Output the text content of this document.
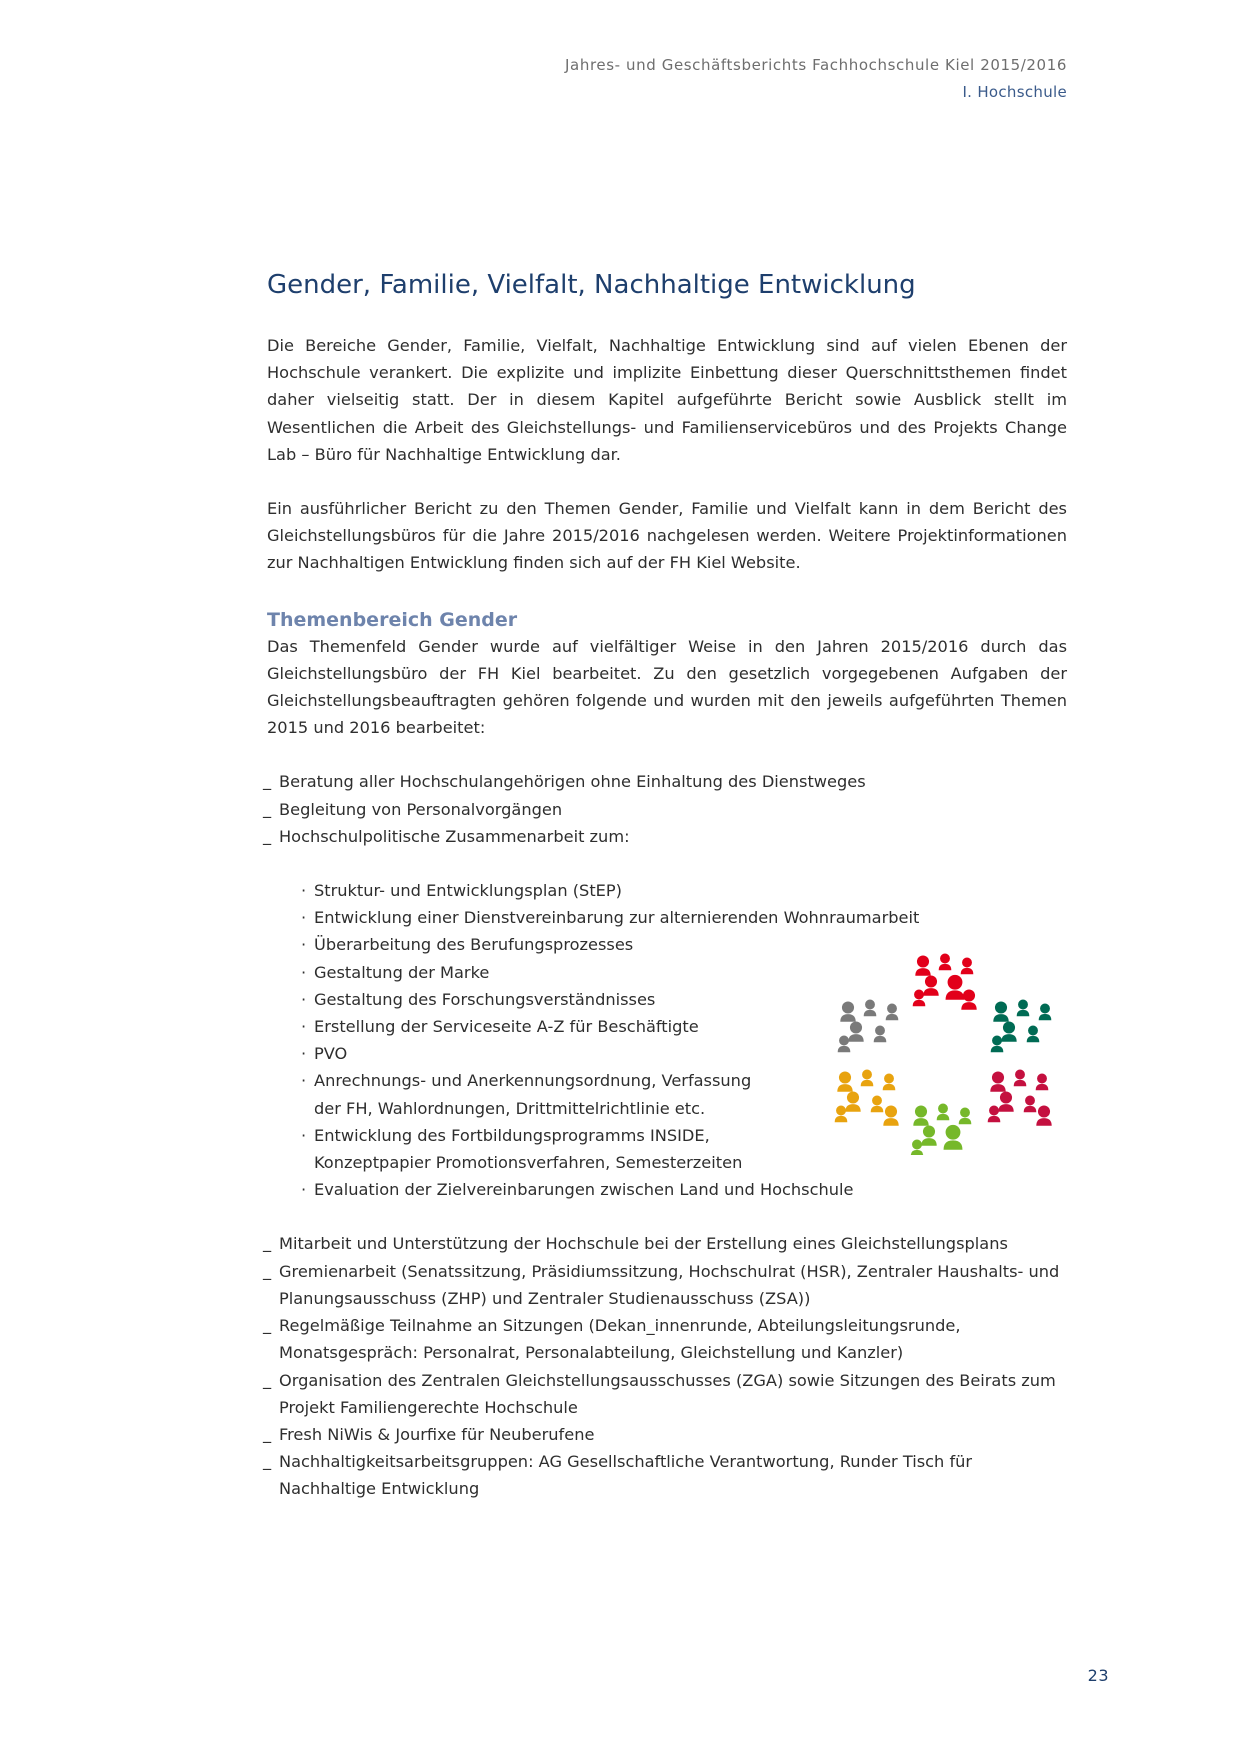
Jahres- und Geschäftsberichts Fachhochschule Kiel 2015/2016
I. Hochschule
Gender, Familie, Vielfalt, Nachhaltige Entwicklung

Die Bereiche Gender, Familie, Vielfalt, Nachhaltige Entwicklung sind auf vielen Ebenen der Hochschule verankert. Die explizite und implizite Einbettung dieser Querschnittsthemen findet daher vielseitig statt. Der in diesem Kapitel aufgeführte Bericht sowie Ausblick stellt im Wesentlichen die Arbeit des Gleichstellungs- und Familienservicebüros und des Projekts Change Lab – Büro für Nachhaltige Entwicklung dar.

Ein ausführlicher Bericht zu den Themen Gender, Familie und Vielfalt kann in dem Bericht des Gleichstellungsbüros für die Jahre 2015/2016 nachgelesen werden. Weitere Projektinformationen zur Nachhaltigen Entwicklung finden sich auf der FH Kiel Website.

Themenbereich Gender

Das Themenfeld Gender wurde auf vielfältiger Weise in den Jahren 2015/2016 durch das Gleichstellungsbüro der FH Kiel bearbeitet. Zu den gesetzlich vorgegebenen Aufgaben der Gleichstellungsbeauftragten gehören folgende und wurden mit den jeweils aufgeführten Themen 2015 und 2016 bearbeitet:

_ Beratung aller Hochschulangehörigen ohne Einhaltung des Dienstweges
_ Begleitung von Personalvorgängen
_ Hochschulpolitische Zusammenarbeit zum:
· Struktur- und Entwicklungsplan (StEP)
· Entwicklung einer Dienstvereinbarung zur alternierenden Wohnraumarbeit
· Überarbeitung des Berufungsprozesses
· Gestaltung der Marke
· Gestaltung des Forschungsverständnisses
· Erstellung der Serviceseite A-Z für Beschäftigte
· PVO
· Anrechnungs- und Anerkennungsordnung, Verfassung der FH, Wahlordnungen, Drittmittelrichtlinie etc.
· Entwicklung des Fortbildungsprogramms INSIDE, Konzeptpapier Promotionsverfahren, Semesterzeiten
· Evaluation der Zielvereinbarungen zwischen Land und Hochschule
_ Mitarbeit und Unterstützung der Hochschule bei der Erstellung eines Gleichstellungsplans
_ Gremienarbeit (Senatssitzung, Präsidiumssitzung, Hochschulrat (HSR), Zentraler Haushalts- und Planungsausschuss (ZHP) und Zentraler Studienausschuss (ZSA))
_ Regelmäßige Teilnahme an Sitzungen (Dekan_innenrunde, Abteilungsleitungsrunde, Monatsgespräch: Personalrat, Personalabteilung, Gleichstellung und Kanzler)
_ Organisation des Zentralen Gleichstellungsausschusses (ZGA) sowie Sitzungen des Beirats zum Projekt Familiengerechte Hochschule
_ Fresh NiWis & Jourfixe für Neuberufene
_ Nachhaltigkeitsarbeitsgruppen: AG Gesellschaftliche Verantwortung, Runder Tisch für Nachhaltige Entwicklung
23
